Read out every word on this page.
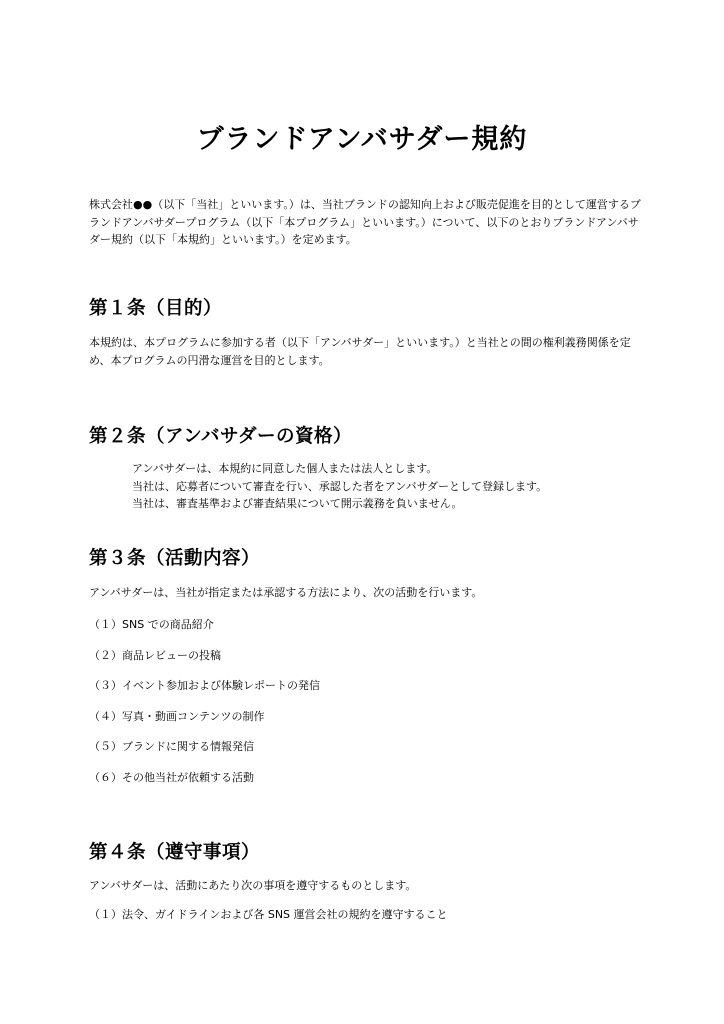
ブランドアンバサダー規約

株式会社●●（以下「当社」といいます。）は、当社ブランドの認知向上および販売促進を目的として運営するブランドアンバサダープログラム（以下「本プログラム」といいます。）について、以下のとおりブランドアンバサダー規約（以下「本規約」といいます。）を定めます。

第１条（目的）

本規約は、本プログラムに参加する者（以下「アンバサダー」といいます。）と当社との間の権利義務関係を定め、本プログラムの円滑な運営を目的とします。

第２条（アンバサダーの資格）
アンバサダーは、本規約に同意した個人または法人とします。
当社は、応募者について審査を行い、承認した者をアンバサダーとして登録します。
当社は、審査基準および審査結果について開示義務を負いません。
第３条（活動内容）

アンバサダーは、当社が指定または承認する方法により、次の活動を行います。

（１）SNS での商品紹介
（２）商品レビューの投稿
（３）イベント参加および体験レポートの発信
（４）写真・動画コンテンツの制作
（５）ブランドに関する情報発信
（６）その他当社が依頼する活動
第４条（遵守事項）

アンバサダーは、活動にあたり次の事項を遵守するものとします。

（１）法令、ガイドラインおよび各 SNS 運営会社の規約を遵守すること
